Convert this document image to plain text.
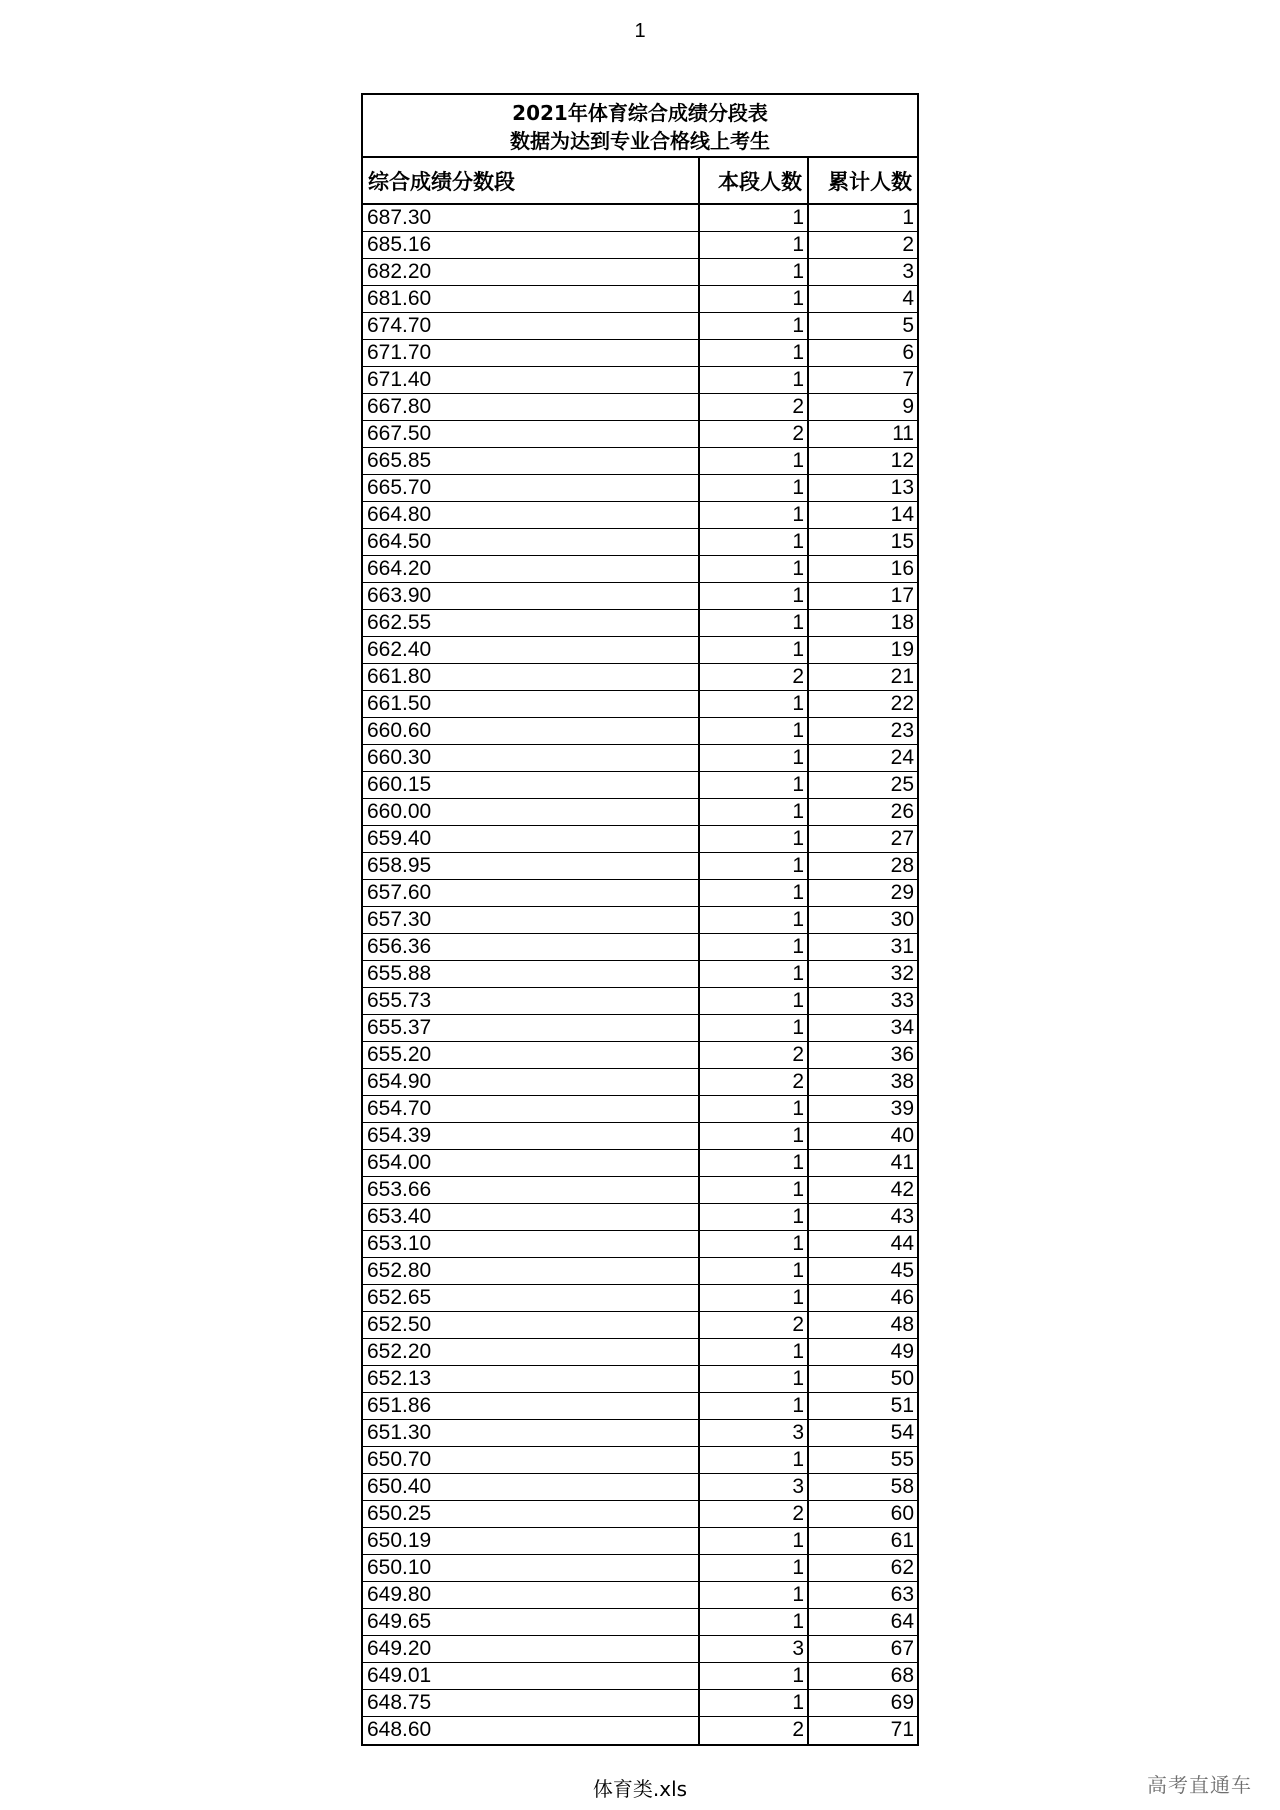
1
2021年体育综合成绩分段表
数据为达到专业合格线上考生
综合成绩分数段	本段人数	累计人数
687.30	1	1
685.16	1	2
682.20	1	3
681.60	1	4
674.70	1	5
671.70	1	6
671.40	1	7
667.80	2	9
667.50	2	11
665.85	1	12
665.70	1	13
664.80	1	14
664.50	1	15
664.20	1	16
663.90	1	17
662.55	1	18
662.40	1	19
661.80	2	21
661.50	1	22
660.60	1	23
660.30	1	24
660.15	1	25
660.00	1	26
659.40	1	27
658.95	1	28
657.60	1	29
657.30	1	30
656.36	1	31
655.88	1	32
655.73	1	33
655.37	1	34
655.20	2	36
654.90	2	38
654.70	1	39
654.39	1	40
654.00	1	41
653.66	1	42
653.40	1	43
653.10	1	44
652.80	1	45
652.65	1	46
652.50	2	48
652.20	1	49
652.13	1	50
651.86	1	51
651.30	3	54
650.70	1	55
650.40	3	58
650.25	2	60
650.19	1	61
650.10	1	62
649.80	1	63
649.65	1	64
649.20	3	67
649.01	1	68
648.75	1	69
648.60	2	71
体育类.xls	高考直通车
